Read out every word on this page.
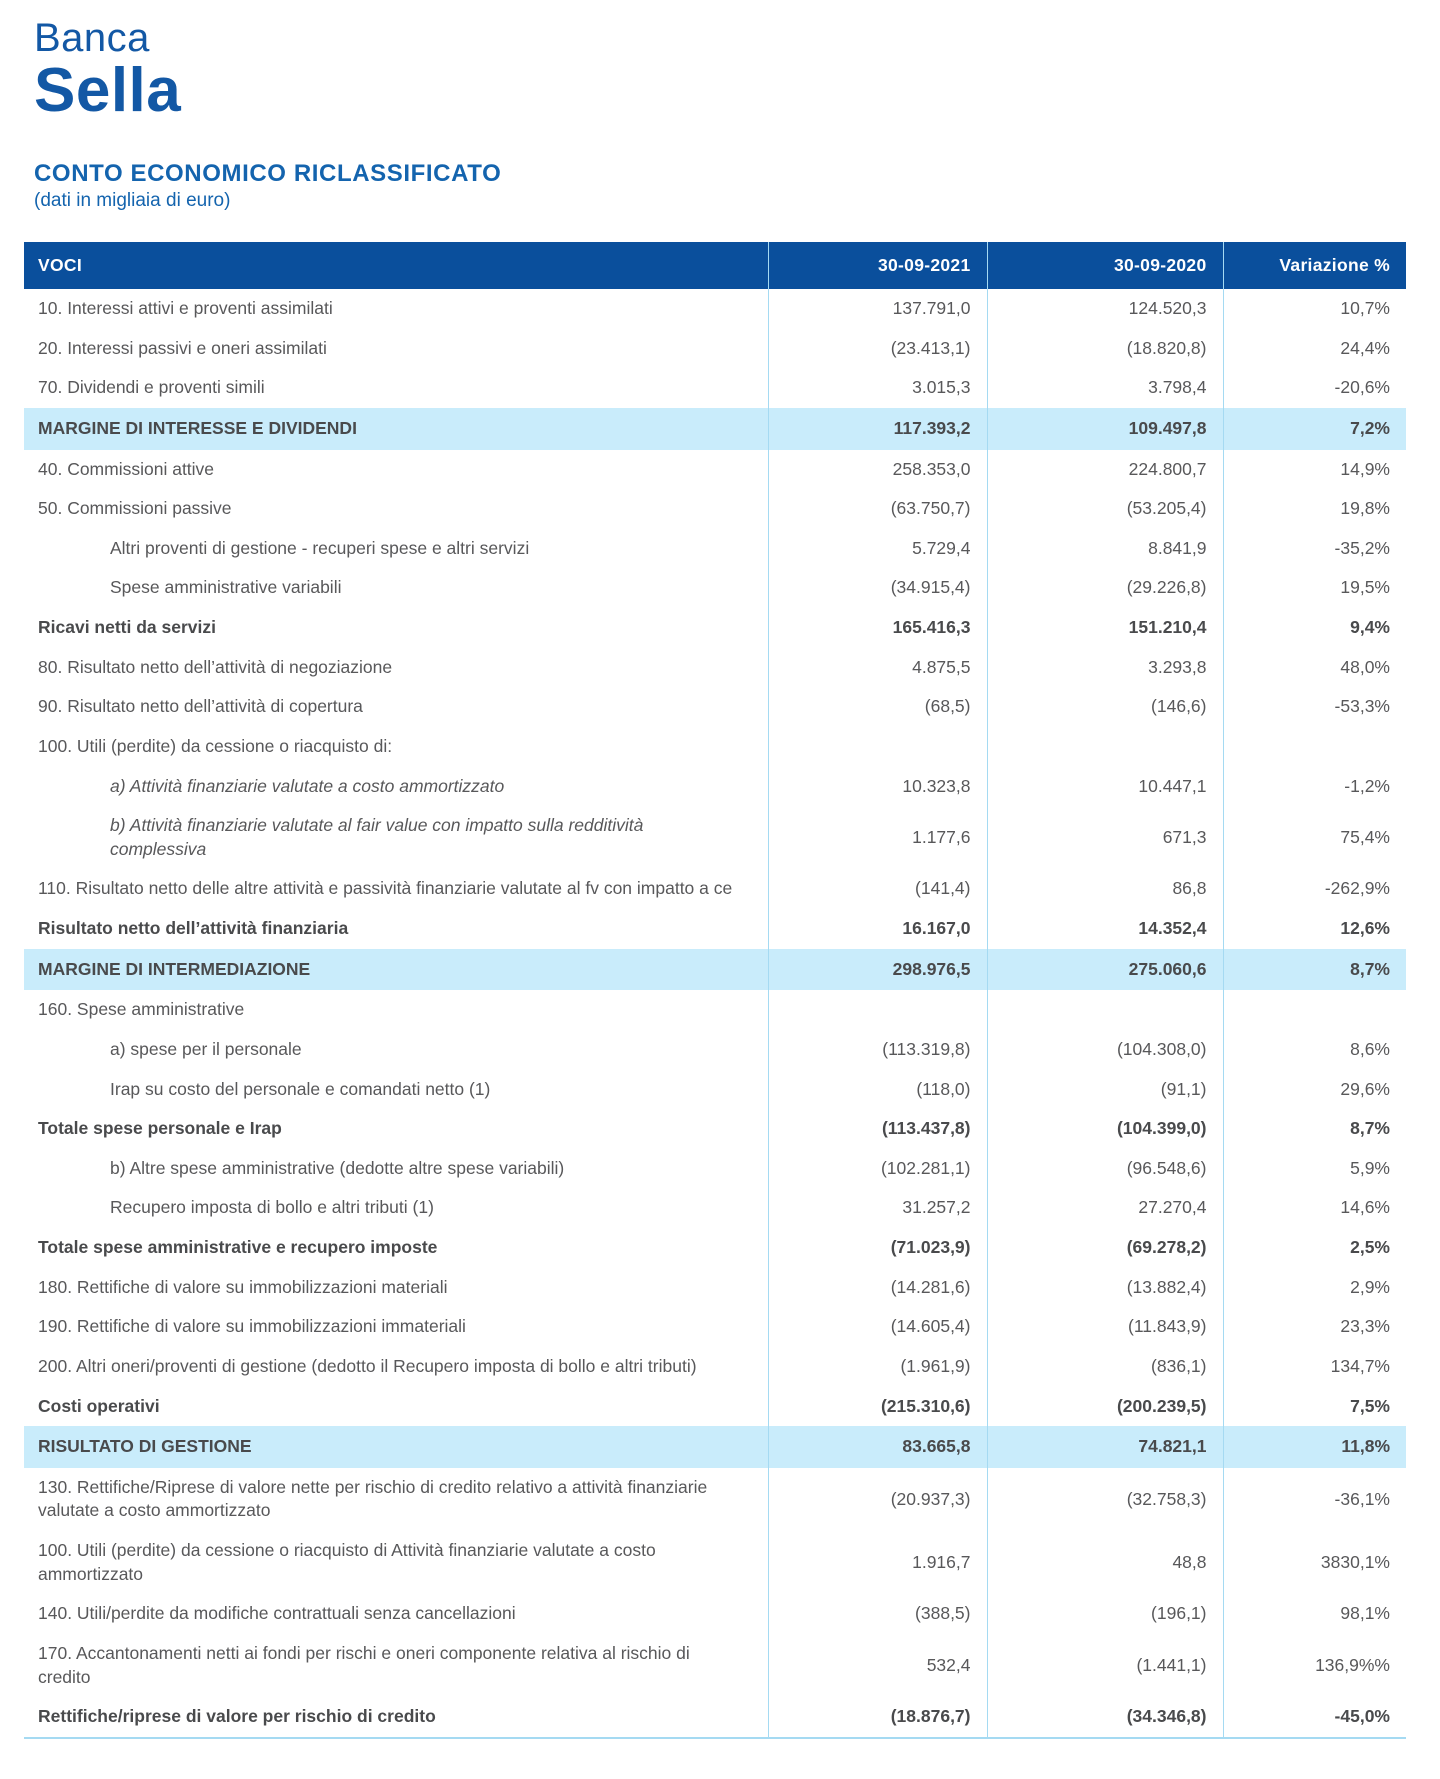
Banca
Sella
CONTO ECONOMICO RICLASSIFICATO
(dati in migliaia di euro)
VOCI	30-09-2021	30-09-2020	Variazione %
10. Interessi attivi e proventi assimilati	137.791,0	124.520,3	10,7%
20. Interessi passivi e oneri assimilati	(23.413,1)	(18.820,8)	24,4%
70. Dividendi e proventi simili	3.015,3	3.798,4	-20,6%
MARGINE DI INTERESSE E DIVIDENDI	117.393,2	109.497,8	7,2%
40. Commissioni attive	258.353,0	224.800,7	14,9%
50. Commissioni passive	(63.750,7)	(53.205,4)	19,8%
Altri proventi di gestione - recuperi spese e altri servizi	5.729,4	8.841,9	-35,2%
Spese amministrative variabili	(34.915,4)	(29.226,8)	19,5%
Ricavi netti da servizi	165.416,3	151.210,4	9,4%
80. Risultato netto dell’attività di negoziazione	4.875,5	3.293,8	48,0%
90. Risultato netto dell’attività di copertura	(68,5)	(146,6)	-53,3%
100. Utili (perdite) da cessione o riacquisto di:			
a) Attività finanziarie valutate a costo ammortizzato	10.323,8	10.447,1	-1,2%
b) Attività finanziarie valutate al fair value con impatto sulla redditività complessiva	1.177,6	671,3	75,4%
110. Risultato netto delle altre attività e passività finanziarie valutate al fv con impatto a ce	(141,4)	86,8	-262,9%
Risultato netto dell’attività finanziaria	16.167,0	14.352,4	12,6%
MARGINE DI INTERMEDIAZIONE	298.976,5	275.060,6	8,7%
160. Spese amministrative			
a) spese per il personale	(113.319,8)	(104.308,0)	8,6%
Irap su costo del personale e comandati netto (1)	(118,0)	(91,1)	29,6%
Totale spese personale e Irap	(113.437,8)	(104.399,0)	8,7%
b) Altre spese amministrative (dedotte altre spese variabili)	(102.281,1)	(96.548,6)	5,9%
Recupero imposta di bollo e altri tributi (1)	31.257,2	27.270,4	14,6%
Totale spese amministrative e recupero imposte	(71.023,9)	(69.278,2)	2,5%
180. Rettifiche di valore su immobilizzazioni materiali	(14.281,6)	(13.882,4)	2,9%
190. Rettifiche di valore su immobilizzazioni immateriali	(14.605,4)	(11.843,9)	23,3%
200. Altri oneri/proventi di gestione (dedotto il Recupero imposta di bollo e altri tributi)	(1.961,9)	(836,1)	134,7%
Costi operativi	(215.310,6)	(200.239,5)	7,5%
RISULTATO DI GESTIONE	83.665,8	74.821,1	11,8%
130. Rettifiche/Riprese di valore nette per rischio di credito relativo a attività finanziarie valutate a costo ammortizzato	(20.937,3)	(32.758,3)	-36,1%
100. Utili (perdite) da cessione o riacquisto di Attività finanziarie valutate a costo ammortizzato	1.916,7	48,8	3830,1%
140. Utili/perdite da modifiche contrattuali senza cancellazioni	(388,5)	(196,1)	98,1%
170. Accantonamenti netti ai fondi per rischi e oneri componente relativa al rischio di credito	532,4	(1.441,1)	136,9%%
Rettifiche/riprese di valore per rischio di credito	(18.876,7)	(34.346,8)	-45,0%
